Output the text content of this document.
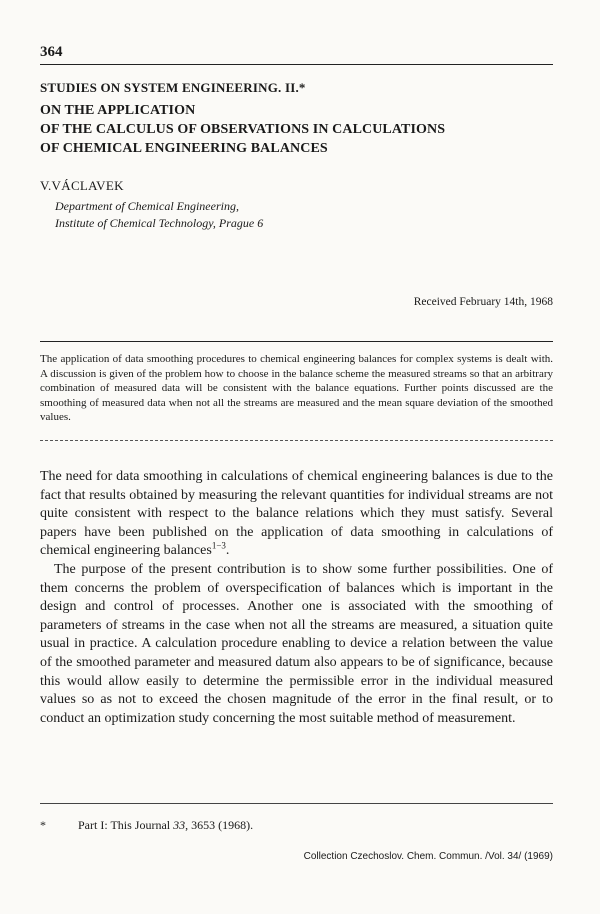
364
STUDIES ON SYSTEM ENGINEERING. II.*
ON THE APPLICATION
OF THE CALCULUS OF OBSERVATIONS IN CALCULATIONS
OF CHEMICAL ENGINEERING BALANCES
V.VÁCLAVEK
Department of Chemical Engineering,
Institute of Chemical Technology, Prague 6
Received February 14th, 1968
The application of data smoothing procedures to chemical engineering balances for complex systems is dealt with. A discussion is given of the problem how to choose in the balance scheme the measured streams so that an arbitrary combination of measured data will be consistent with the balance equations. Further points discussed are the smoothing of measured data when not all the streams are measured and the mean square deviation of the smoothed values.

The need for data smoothing in calculations of chemical engineering balances is due to the fact that results obtained by measuring the relevant quantities for individual streams are not quite consistent with respect to the balance relations which they must satisfy. Several papers have been published on the application of data smoothing in calculations of chemical engineering balances$^{1-3}$.

The purpose of the present contribution is to show some further possibilities. One of them concerns the problem of overspecification of balances which is important in the design and control of processes. Another one is associated with the smoothing of parameters of streams in the case when not all the streams are measured, a situation quite usual in practice. A calculation procedure enabling to device a relation between the value of the smoothed parameter and measured datum also appears to be of significance, because this would allow easily to determine the permissible error in the individual measured values so as not to exceed the chosen magnitude of the error in the final result, or to conduct an optimization study concerning the most suitable method of measurement.

*	Part I: This Journal 33, 3653 (1968).
Collection Czechoslov. Chem. Commun. /Vol. 34/ (1969)
